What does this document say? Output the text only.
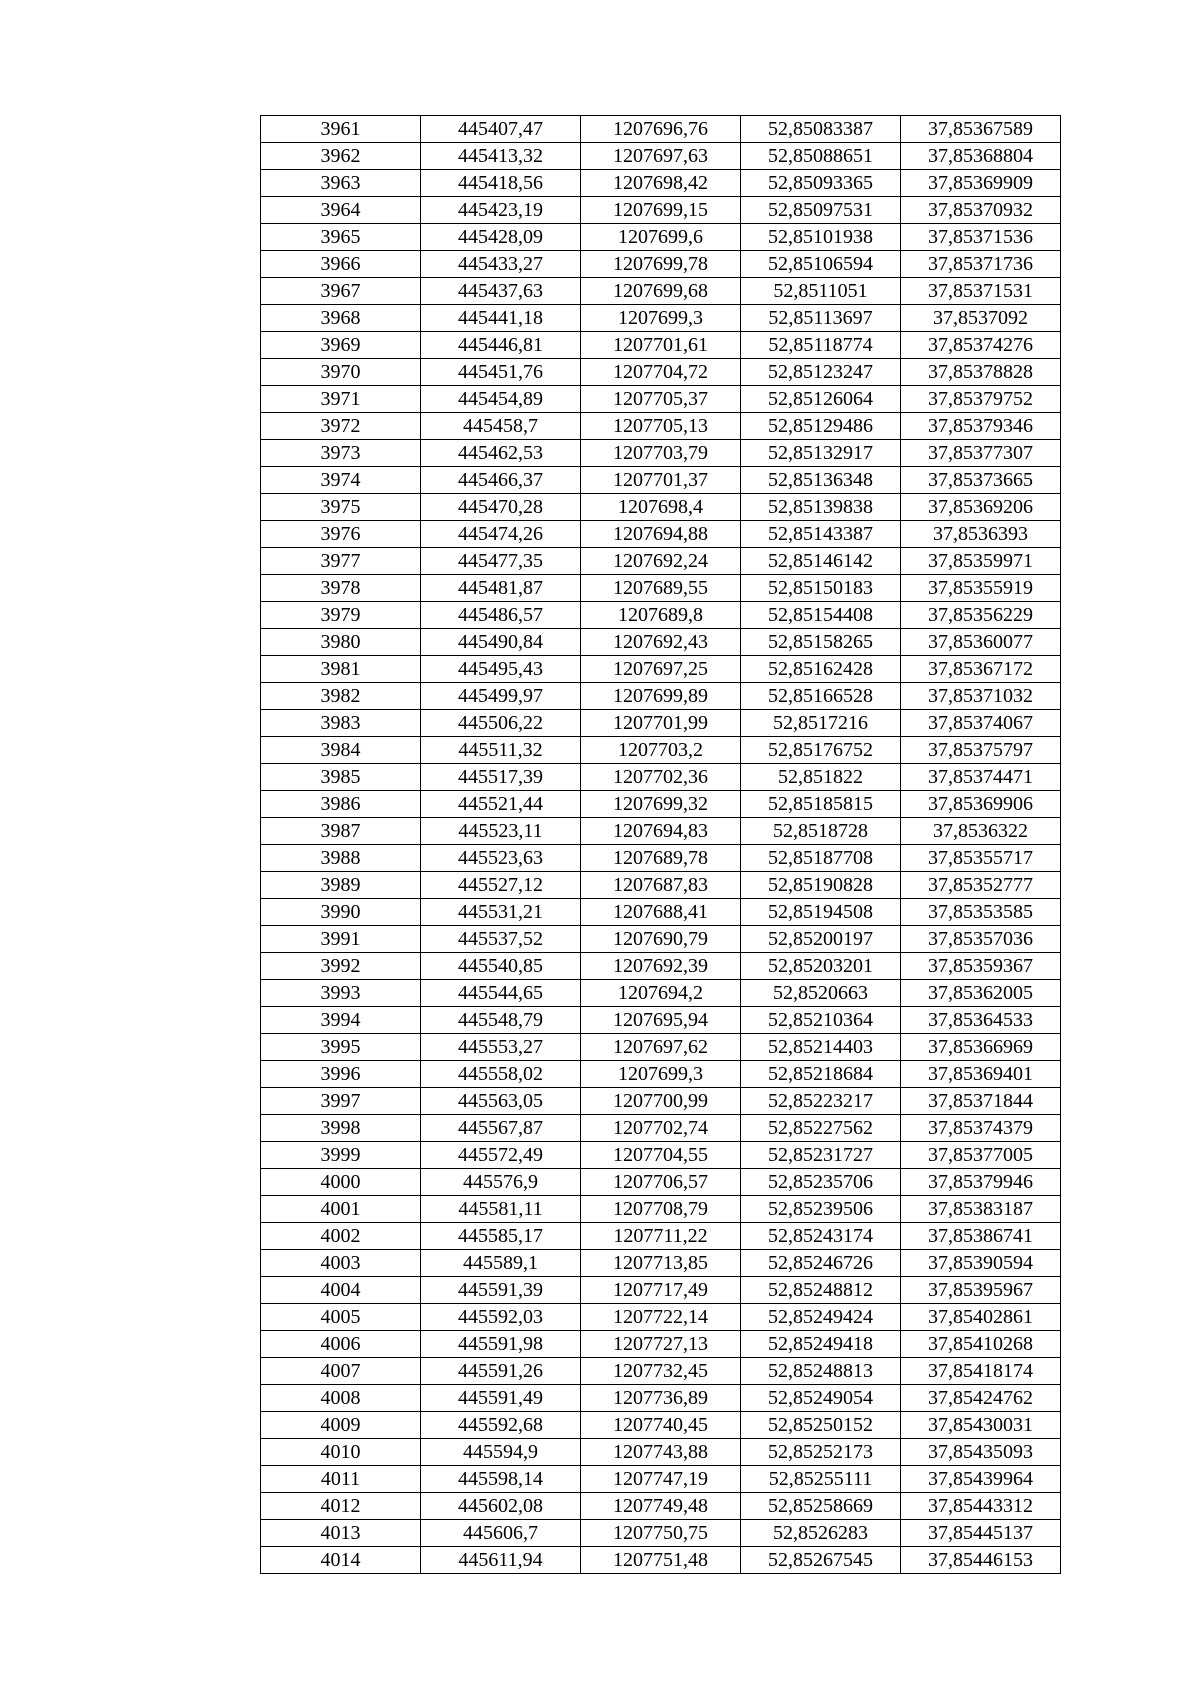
3961	445407,47	1207696,76	52,85083387	37,85367589
3962	445413,32	1207697,63	52,85088651	37,85368804
3963	445418,56	1207698,42	52,85093365	37,85369909
3964	445423,19	1207699,15	52,85097531	37,85370932
3965	445428,09	1207699,6	52,85101938	37,85371536
3966	445433,27	1207699,78	52,85106594	37,85371736
3967	445437,63	1207699,68	52,8511051	37,85371531
3968	445441,18	1207699,3	52,85113697	37,8537092
3969	445446,81	1207701,61	52,85118774	37,85374276
3970	445451,76	1207704,72	52,85123247	37,85378828
3971	445454,89	1207705,37	52,85126064	37,85379752
3972	445458,7	1207705,13	52,85129486	37,85379346
3973	445462,53	1207703,79	52,85132917	37,85377307
3974	445466,37	1207701,37	52,85136348	37,85373665
3975	445470,28	1207698,4	52,85139838	37,85369206
3976	445474,26	1207694,88	52,85143387	37,8536393
3977	445477,35	1207692,24	52,85146142	37,85359971
3978	445481,87	1207689,55	52,85150183	37,85355919
3979	445486,57	1207689,8	52,85154408	37,85356229
3980	445490,84	1207692,43	52,85158265	37,85360077
3981	445495,43	1207697,25	52,85162428	37,85367172
3982	445499,97	1207699,89	52,85166528	37,85371032
3983	445506,22	1207701,99	52,8517216	37,85374067
3984	445511,32	1207703,2	52,85176752	37,85375797
3985	445517,39	1207702,36	52,851822	37,85374471
3986	445521,44	1207699,32	52,85185815	37,85369906
3987	445523,11	1207694,83	52,8518728	37,8536322
3988	445523,63	1207689,78	52,85187708	37,85355717
3989	445527,12	1207687,83	52,85190828	37,85352777
3990	445531,21	1207688,41	52,85194508	37,85353585
3991	445537,52	1207690,79	52,85200197	37,85357036
3992	445540,85	1207692,39	52,85203201	37,85359367
3993	445544,65	1207694,2	52,8520663	37,85362005
3994	445548,79	1207695,94	52,85210364	37,85364533
3995	445553,27	1207697,62	52,85214403	37,85366969
3996	445558,02	1207699,3	52,85218684	37,85369401
3997	445563,05	1207700,99	52,85223217	37,85371844
3998	445567,87	1207702,74	52,85227562	37,85374379
3999	445572,49	1207704,55	52,85231727	37,85377005
4000	445576,9	1207706,57	52,85235706	37,85379946
4001	445581,11	1207708,79	52,85239506	37,85383187
4002	445585,17	1207711,22	52,85243174	37,85386741
4003	445589,1	1207713,85	52,85246726	37,85390594
4004	445591,39	1207717,49	52,85248812	37,85395967
4005	445592,03	1207722,14	52,85249424	37,85402861
4006	445591,98	1207727,13	52,85249418	37,85410268
4007	445591,26	1207732,45	52,85248813	37,85418174
4008	445591,49	1207736,89	52,85249054	37,85424762
4009	445592,68	1207740,45	52,85250152	37,85430031
4010	445594,9	1207743,88	52,85252173	37,85435093
4011	445598,14	1207747,19	52,85255111	37,85439964
4012	445602,08	1207749,48	52,85258669	37,85443312
4013	445606,7	1207750,75	52,8526283	37,85445137
4014	445611,94	1207751,48	52,85267545	37,85446153
